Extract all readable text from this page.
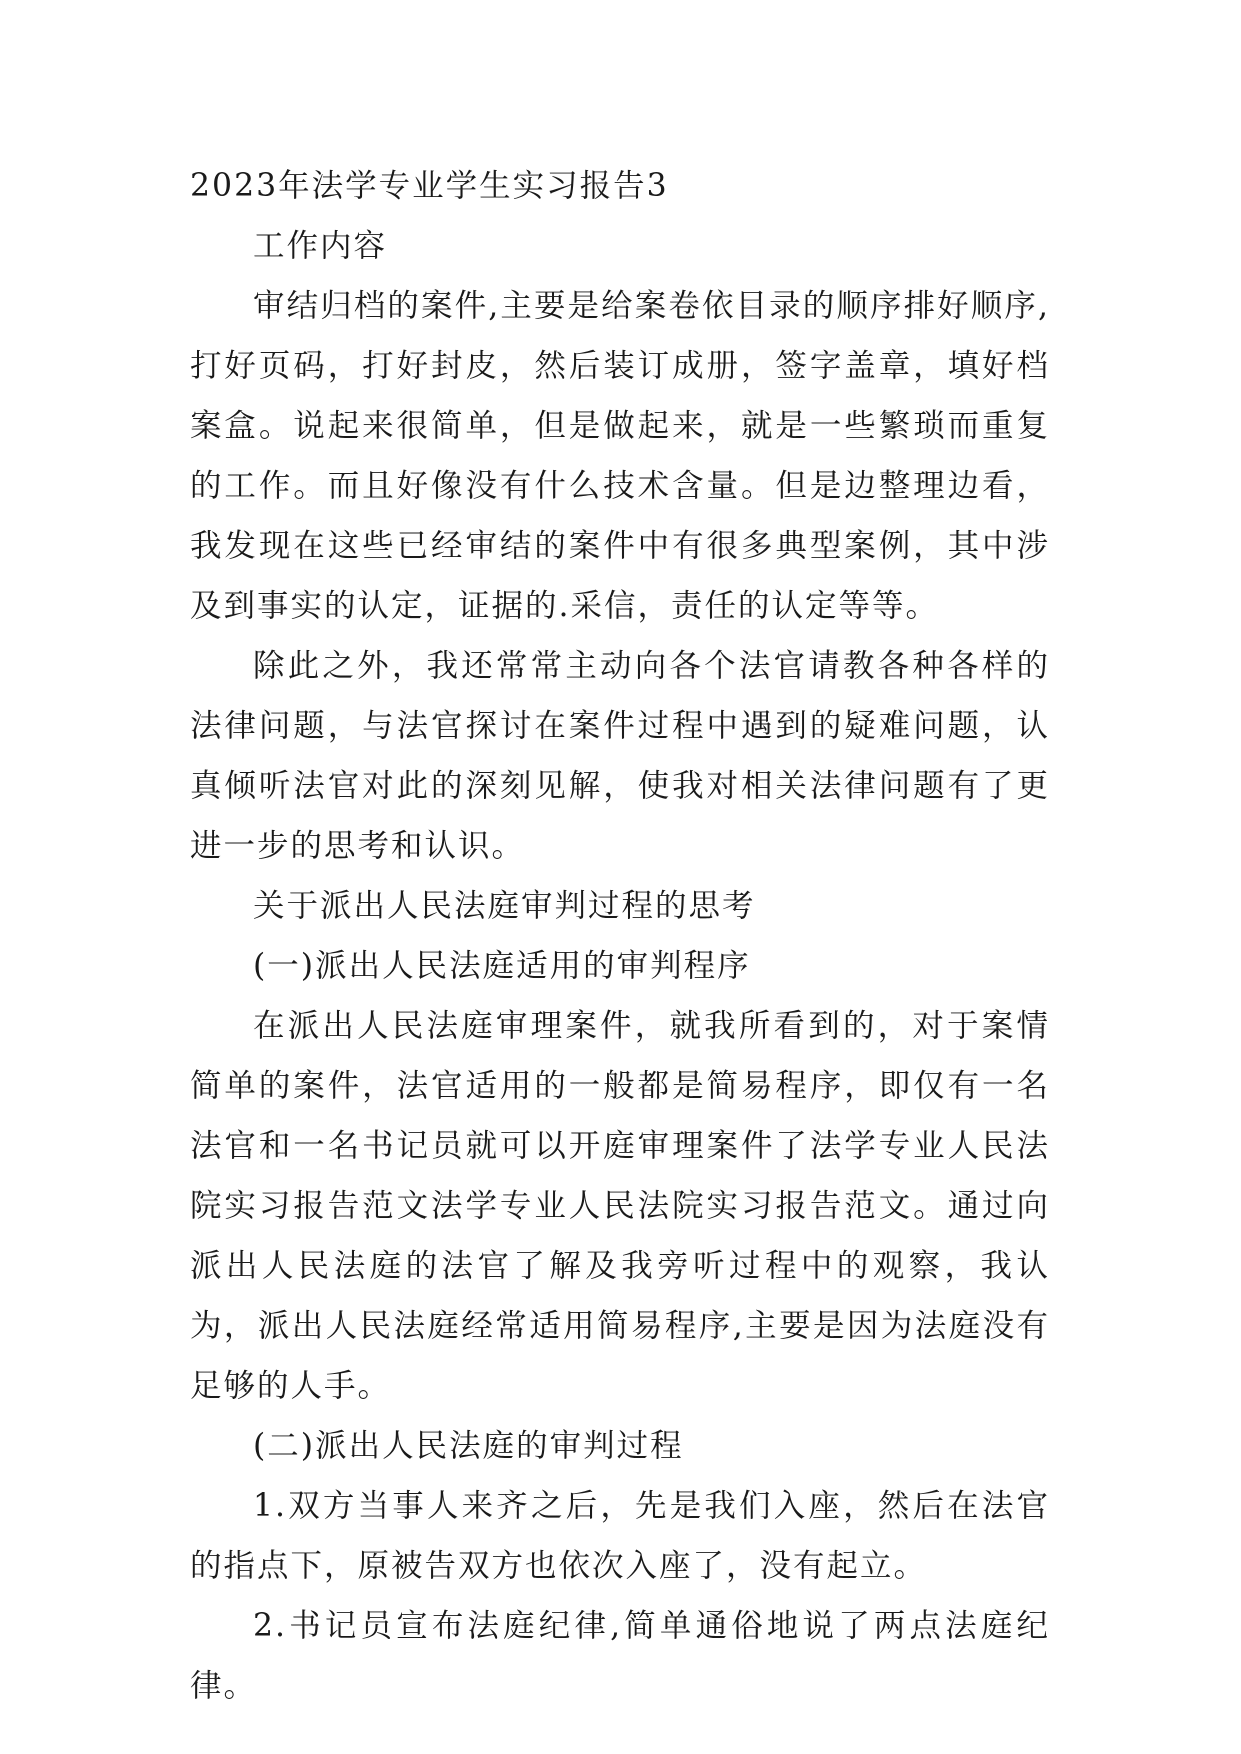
2023年法学专业学生实习报告3

工作内容

审结归档的案件,主要是给案卷依目录的顺序排好顺序,打好页码，打好封皮，然后装订成册，签字盖章，填好档案盒。说起来很简单，但是做起来，就是一些繁琐而重复的工作。而且好像没有什么技术含量。但是边整理边看，我发现在这些已经审结的案件中有很多典型案例，其中涉及到事实的认定，证据的.采信，责任的认定等等。

除此之外，我还常常主动向各个法官请教各种各样的法律问题，与法官探讨在案件过程中遇到的疑难问题，认真倾听法官对此的深刻见解，使我对相关法律问题有了更进一步的思考和认识。

关于派出人民法庭审判过程的思考

(一)派出人民法庭适用的审判程序

在派出人民法庭审理案件，就我所看到的，对于案情简单的案件，法官适用的一般都是简易程序，即仅有一名法官和一名书记员就可以开庭审理案件了法学专业人民法院实习报告范文法学专业人民法院实习报告范文。通过向派出人民法庭的法官了解及我旁听过程中的观察，我认为，派出人民法庭经常适用简易程序,主要是因为法庭没有足够的人手。

(二)派出人民法庭的审判过程

1.双方当事人来齐之后，先是我们入座，然后在法官的指点下，原被告双方也依次入座了，没有起立。

2.书记员宣布法庭纪律,简单通俗地说了两点法庭纪律。
